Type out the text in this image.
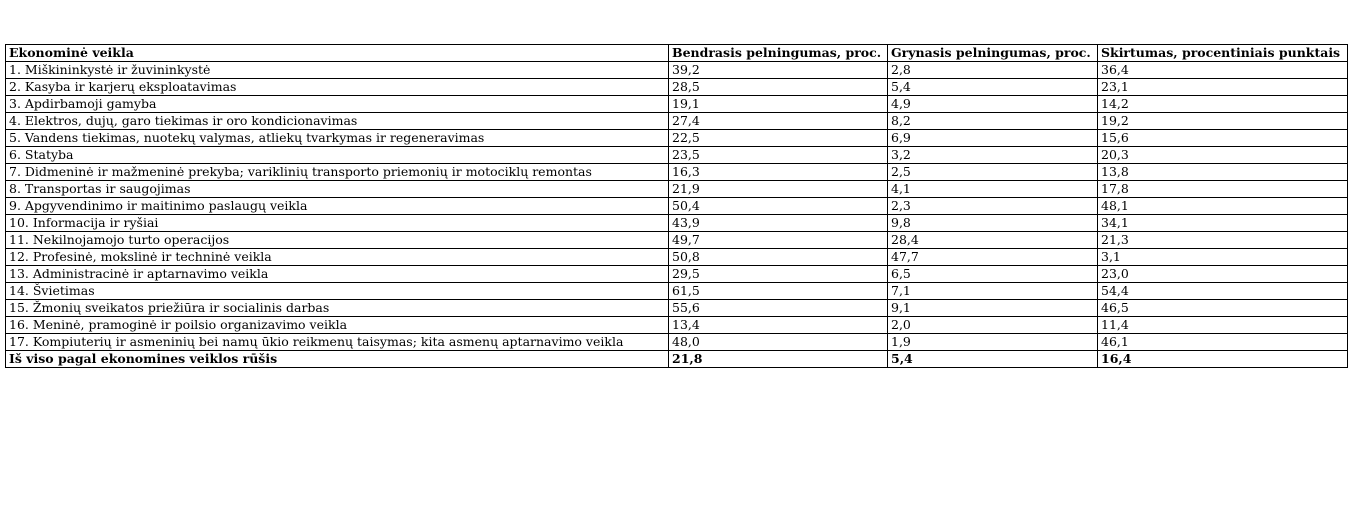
Ekonominė veikla	Bendrasis pelningumas, proc.	Grynasis pelningumas, proc.	Skirtumas, procentiniais punktais
1. Miškininkystė ir žuvininkystė	39,2	2,8	36,4
2. Kasyba ir karjerų eksploatavimas	28,5	5,4	23,1
3. Apdirbamoji gamyba	19,1	4,9	14,2
4. Elektros, dujų, garo tiekimas ir oro kondicionavimas	27,4	8,2	19,2
5. Vandens tiekimas, nuotekų valymas, atliekų tvarkymas ir regeneravimas	22,5	6,9	15,6
6. Statyba	23,5	3,2	20,3
7. Didmeninė ir mažmeninė prekyba; variklinių transporto priemonių ir motociklų remontas	16,3	2,5	13,8
8. Transportas ir saugojimas	21,9	4,1	17,8
9. Apgyvendinimo ir maitinimo paslaugų veikla	50,4	2,3	48,1
10. Informacija ir ryšiai	43,9	9,8	34,1
11. Nekilnojamojo turto operacijos	49,7	28,4	21,3
12. Profesinė, mokslinė ir techninė veikla	50,8	47,7	3,1
13. Administracinė ir aptarnavimo veikla	29,5	6,5	23,0
14. Švietimas	61,5	7,1	54,4
15. Žmonių sveikatos priežiūra ir socialinis darbas	55,6	9,1	46,5
16. Meninė, pramoginė ir poilsio organizavimo veikla	13,4	2,0	11,4
17. Kompiuterių ir asmeninių bei namų ūkio reikmenų taisymas; kita asmenų aptarnavimo veikla	48,0	1,9	46,1
Iš viso pagal ekonomines veiklos rūšis	21,8	5,4	16,4
